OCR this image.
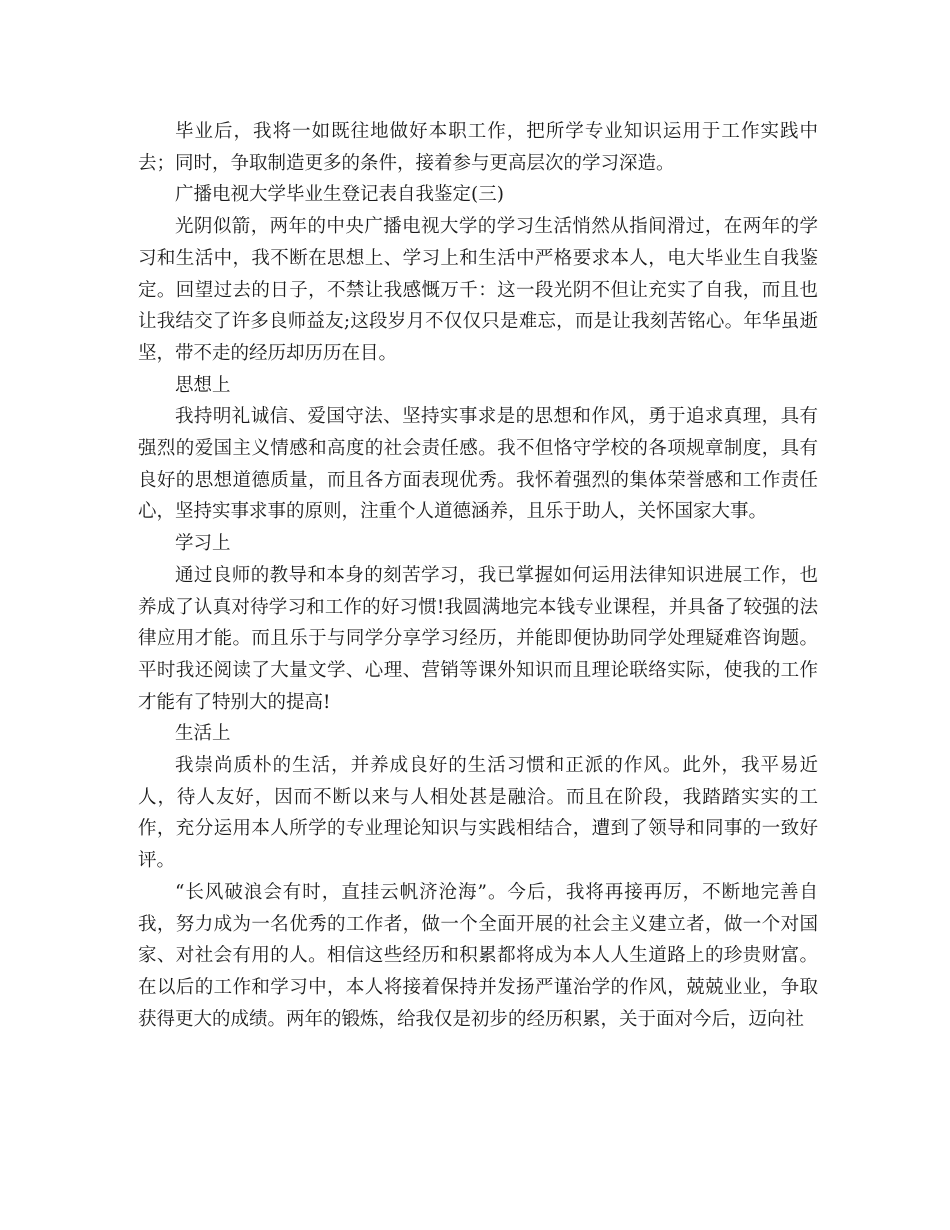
毕业后，我将一如既往地做好本职工作，把所学专业知识运用于工作实践中去；同时，争取制造更多的条件，接着参与更高层次的学习深造。

广播电视大学毕业生登记表自我鉴定(三)

光阴似箭，两年的中央广播电视大学的学习生活悄然从指间滑过，在两年的学习和生活中，我不断在思想上、学习上和生活中严格要求本人，电大毕业生自我鉴定。回望过去的日子，不禁让我感慨万千：这一段光阴不但让充实了自我，而且也让我结交了许多良师益友;这段岁月不仅仅只是难忘，而是让我刻苦铭心。年华虽逝坚，带不走的经历却历历在目。

思想上

我持明礼诚信、爱国守法、坚持实事求是的思想和作风，勇于追求真理，具有强烈的爱国主义情感和高度的社会责任感。我不但恪守学校的各项规章制度，具有良好的思想道德质量，而且各方面表现优秀。我怀着强烈的集体荣誉感和工作责任心，坚持实事求事的原则，注重个人道德涵养，且乐于助人，关怀国家大事。

学习上

通过良师的教导和本身的刻苦学习，我已掌握如何运用法律知识进展工作，也养成了认真对待学习和工作的好习惯!我圆满地完本钱专业课程，并具备了较强的法律应用才能。而且乐于与同学分享学习经历，并能即便协助同学处理疑难咨询题。平时我还阅读了大量文学、心理、营销等课外知识而且理论联络实际，使我的工作才能有了特别大的提高!

生活上

我崇尚质朴的生活，并养成良好的生活习惯和正派的作风。此外，我平易近人，待人友好，因而不断以来与人相处甚是融洽。而且在阶段，我踏踏实实的工作，充分运用本人所学的专业理论知识与实践相结合，遭到了领导和同事的一致好评。

“长风破浪会有时，直挂云帆济沧海”。今后，我将再接再厉，不断地完善自我，努力成为一名优秀的工作者，做一个全面开展的社会主义建立者，做一个对国家、对社会有用的人。相信这些经历和积累都将成为本人人生道路上的珍贵财富。在以后的工作和学习中，本人将接着保持并发扬严谨治学的作风，兢兢业业，争取获得更大的成绩。两年的锻炼，给我仅是初步的经历积累，关于面对今后，迈向社
